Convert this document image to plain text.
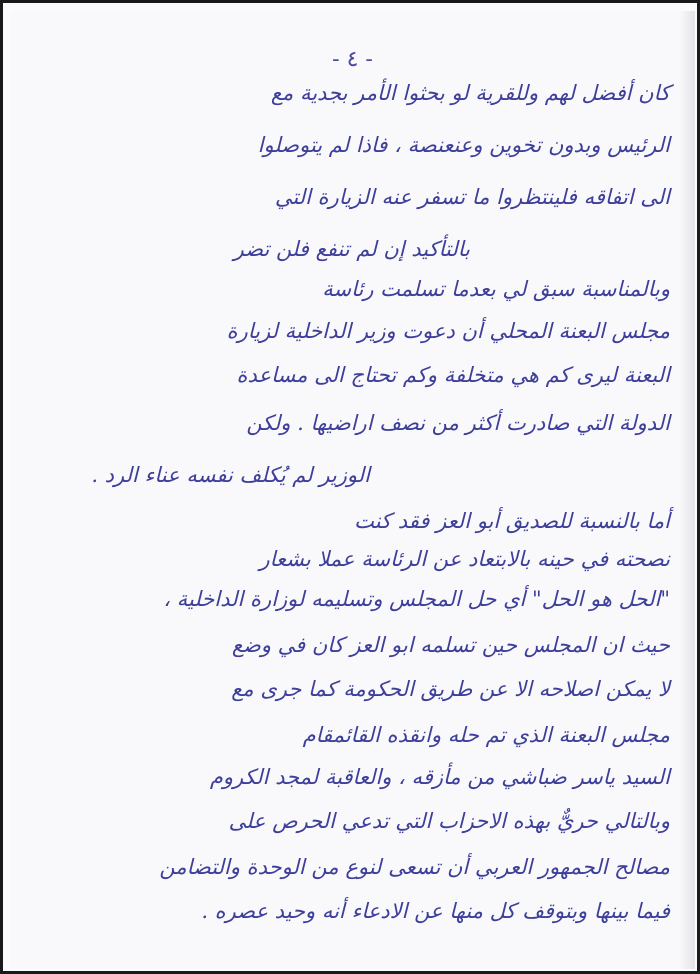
- ٤ -
كان أفضل لهم وللقرية لو بحثوا الأمر بجدية مع
الرئيس وبدون تخوين وعنعنصة ، فاذا لم يتوصلوا
الى اتفاقه فلينتظروا ما تسفر عنه الزيارة التي
بالتأكيد إن لم تنفع فلن تضر
وبالمناسبة سبق لي بعدما تسلمت رئاسة
مجلس البعنة المحلي أن دعوت وزير الداخلية لزيارة
البعنة ليرى كم هي متخلفة وكم تحتاج الى مساعدة
الدولة التي صادرت أكثر من نصف اراضيها . ولكن
الوزير لم يُكلف نفسه عناء الرد .
أما بالنسبة للصديق أبو العز فقد كنت
نصحته في حينه بالابتعاد عن الرئاسة عملا بشعار
"الحل هو الحل" أي حل المجلس وتسليمه لوزارة الداخلية ،
حيث ان المجلس حين تسلمه ابو العز كان في وضع
لا يمكن اصلاحه الا عن طريق الحكومة كما جرى مع
مجلس البعنة الذي تم حله وانقذه القائمقام
السيد ياسر ضباشي من مأزقه ، والعاقبة لمجد الكروم
وبالتالي حريٌّ بهذه الاحزاب التي تدعي الحرص على
مصالح الجمهور العربي أن تسعى لنوع من الوحدة والتضامن
فيما بينها وبتوقف كل منها عن الادعاء أنه وحيد عصره .
